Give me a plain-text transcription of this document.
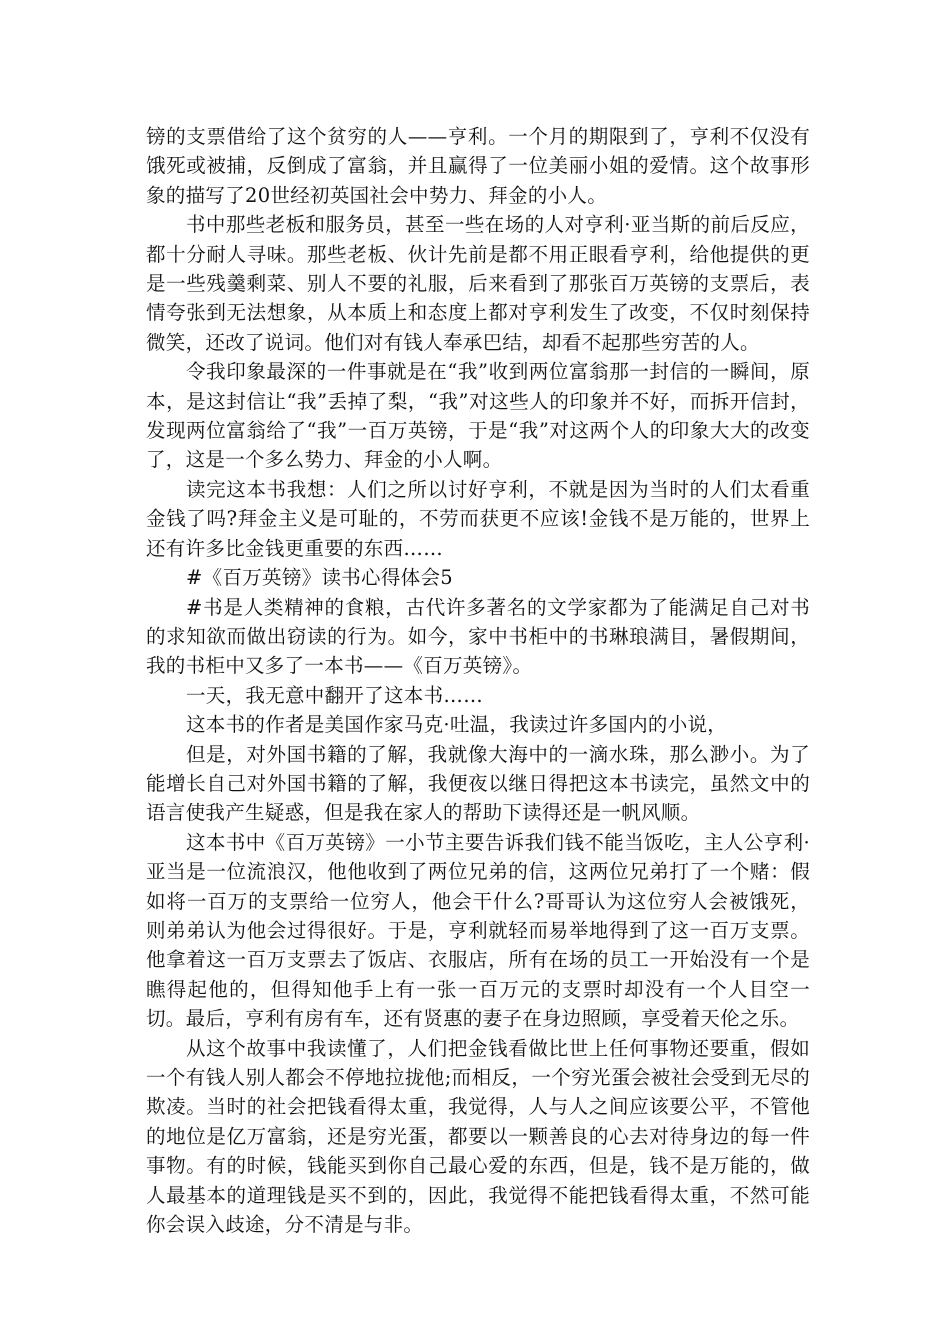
镑的支票借给了这个贫穷的人——亨利。一个月的期限到了，亨利不仅没有饿死或被捕，反倒成了富翁，并且赢得了一位美丽小姐的爱情。这个故事形象的描写了20世经初英国社会中势力、拜金的小人。

书中那些老板和服务员，甚至一些在场的人对亨利·亚当斯的前后反应，都十分耐人寻味。那些老板、伙计先前是都不用正眼看亨利，给他提供的更是一些残羹剩菜、别人不要的礼服，后来看到了那张百万英镑的支票后，表情夸张到无法想象，从本质上和态度上都对亨利发生了改变，不仅时刻保持微笑，还改了说词。他们对有钱人奉承巴结，却看不起那些穷苦的人。

令我印象最深的一件事就是在“我”收到两位富翁那一封信的一瞬间，原本，是这封信让“我”丢掉了梨，“我”对这些人的印象并不好，而拆开信封，发现两位富翁给了“我”一百万英镑，于是“我”对这两个人的印象大大的改变了，这是一个多么势力、拜金的小人啊。

读完这本书我想：人们之所以讨好亨利，不就是因为当时的人们太看重金钱了吗?拜金主义是可耻的，不劳而获更不应该!金钱不是万能的，世界上还有许多比金钱更重要的东西……

#《百万英镑》读书心得体会5

#书是人类精神的食粮，古代许多著名的文学家都为了能满足自己对书的求知欲而做出窃读的行为。如今，家中书柜中的书琳琅满目，暑假期间，我的书柜中又多了一本书——《百万英镑》。

一天，我无意中翻开了这本书……

这本书的作者是美国作家马克·吐温，我读过许多国内的小说，

但是，对外国书籍的了解，我就像大海中的一滴水珠，那么渺小。为了能增长自己对外国书籍的了解，我便夜以继日得把这本书读完，虽然文中的语言使我产生疑惑，但是我在家人的帮助下读得还是一帆风顺。

这本书中《百万英镑》一小节主要告诉我们钱不能当饭吃，主人公亨利·亚当是一位流浪汉，他他收到了两位兄弟的信，这两位兄弟打了一个赌：假如将一百万的支票给一位穷人，他会干什么?哥哥认为这位穷人会被饿死，则弟弟认为他会过得很好。于是，亨利就轻而易举地得到了这一百万支票。他拿着这一百万支票去了饭店、衣服店，所有在场的员工一开始没有一个是瞧得起他的，但得知他手上有一张一百万元的支票时却没有一个人目空一切。最后，亨利有房有车，还有贤惠的妻子在身边照顾，享受着天伦之乐。

从这个故事中我读懂了，人们把金钱看做比世上任何事物还要重，假如一个有钱人别人都会不停地拉拢他;而相反，一个穷光蛋会被社会受到无尽的欺凌。当时的社会把钱看得太重，我觉得，人与人之间应该要公平，不管他的地位是亿万富翁，还是穷光蛋，都要以一颗善良的心去对待身边的每一件事物。有的时候，钱能买到你自己最心爱的东西，但是，钱不是万能的，做人最基本的道理钱是买不到的，因此，我觉得不能把钱看得太重，不然可能你会误入歧途，分不清是与非。
